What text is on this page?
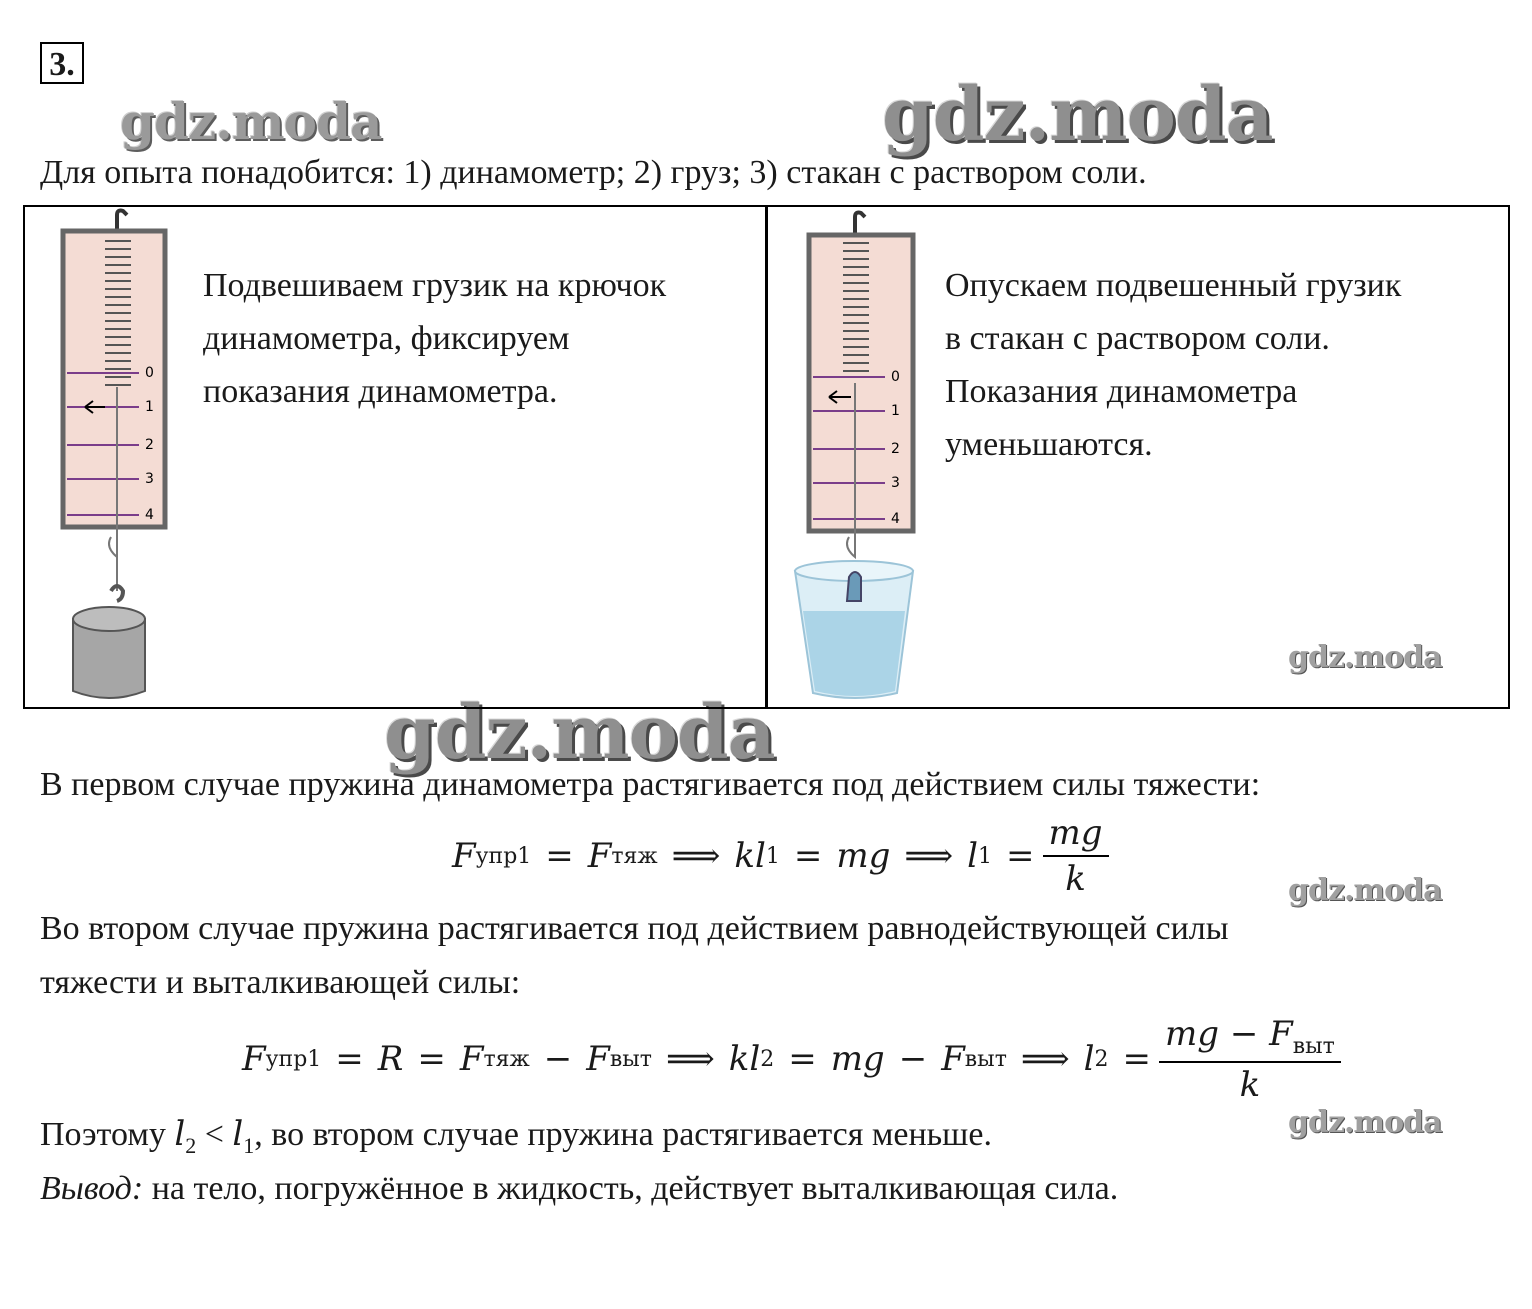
3.
gdz.moda	gdz.moda
gdz.moda
gdz.moda
gdz.moda
gdz.moda
Для опыта понадобится: 1) динамометр; 2) груз; 3) стакан с раствором соли.
0
1
2
3
4
Подвешиваем грузик на крючок
динамометра, фиксируем
показания динамометра.	0
1
2
3
4
Опускаем подвешенный грузик
в стакан с раствором соли.
Показания динамометра
уменьшаются.
В первом случае пружина динамометра растягивается под действием силы тяжести:
F упр1 = F тяж ⟹ k l 1 = mg ⟹ l $1 = \frac{mg}{k}$
Во втором случае пружина растягивается под действием равнодействующей силы
тяжести и выталкивающей силы:
F упр1 = R = F тяж − F выт ⟹ k l 2 = mg − F выт ⟹ l $2 = \frac{mg - F_{выт}}{k}$
Поэтому $l_2 < l_1$, во втором случае пружина растягивается меньше.
Вывод: на тело, погружённое в жидкость, действует выталкивающая сила.
